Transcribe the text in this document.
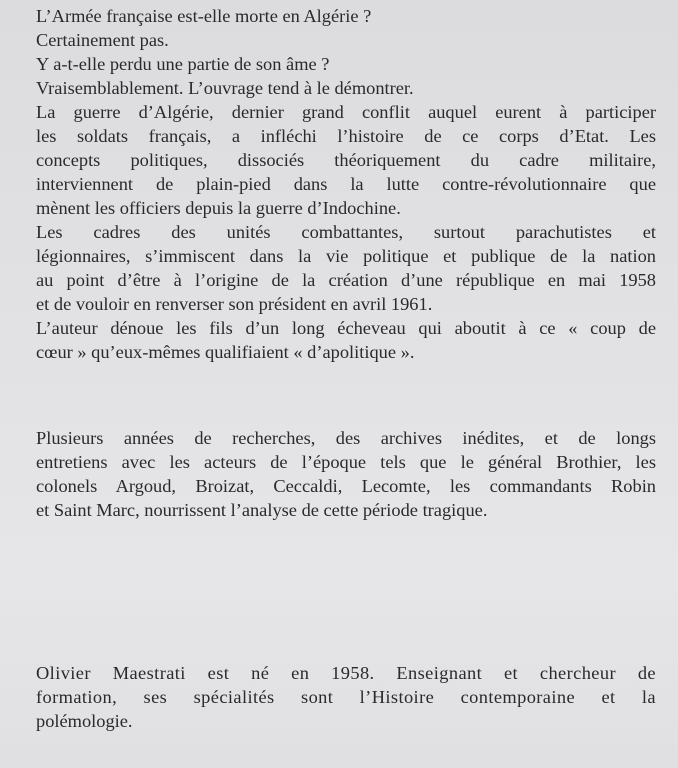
L’Armée française est-elle morte en Algérie ?
Certainement pas.
Y a-t-elle perdu une partie de son âme ?
Vraisemblablement. L’ouvrage tend à le démontrer.
La guerre d’Algérie, dernier grand conflit auquel eurent à participer
les soldats français, a infléchi l’histoire de ce corps d’Etat. Les
concepts politiques, dissociés théoriquement du cadre militaire,
interviennent de plain-pied dans la lutte contre-révolutionnaire que
mènent les officiers depuis la guerre d’Indochine.
Les cadres des unités combattantes, surtout parachutistes et
légionnaires, s’immiscent dans la vie politique et publique de la nation
au point d’être à l’origine de la création d’une république en mai 1958
et de vouloir en renverser son président en avril 1961.
L’auteur dénoue les fils d’un long écheveau qui aboutit à ce « coup de
cœur » qu’eux-mêmes qualifiaient « d’apolitique ».
Plusieurs années de recherches, des archives inédites, et de longs
entretiens avec les acteurs de l’époque tels que le général Brothier, les
colonels Argoud, Broizat, Ceccaldi, Lecomte, les commandants Robin
et Saint Marc, nourrissent l’analyse de cette période tragique.
Olivier Maestrati est né en 1958. Enseignant et chercheur de
formation, ses spécialités sont l’Histoire contemporaine et la
polémologie.
